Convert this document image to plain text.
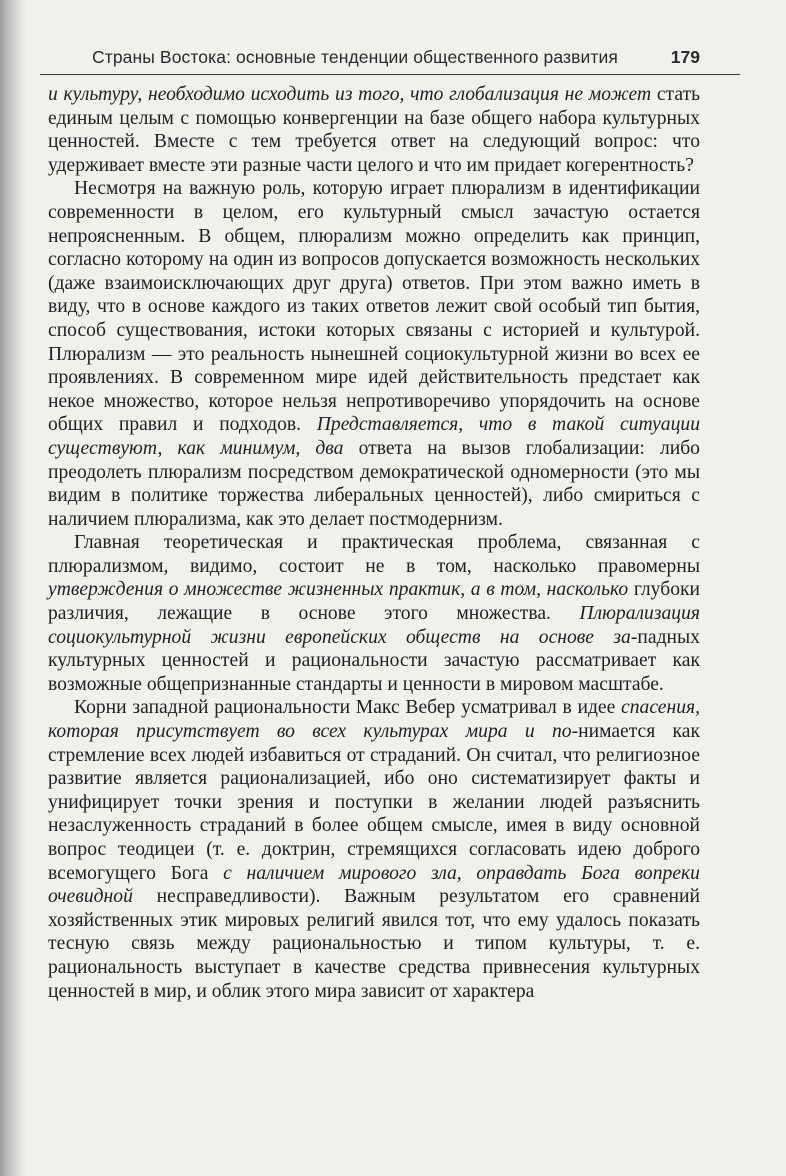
Страны Востока: основные тенденции общественного развития	179

и культуру, необходимо исходить из того, что глобализация не может стать единым целым с помощью конвергенции на базе общего набора культурных ценностей. Вместе с тем требуется ответ на следующий вопрос: что удерживает вместе эти разные части целого и что им придает когерентность?

Несмотря на важную роль, которую играет плюрализм в идентификации современности в целом, его культурный смысл зачастую остается непроясненным. В общем, плюрализм можно определить как принцип, согласно которому на один из вопросов допускается возможность нескольких (даже взаимоисключающих друг друга) ответов. При этом важно иметь в виду, что в основе каждого из таких ответов лежит свой особый тип бытия, способ существования, истоки которых связаны с историей и культурой. Плюрализм — это реальность нынешней социокультурной жизни во всех ее проявлениях. В современном мире идей действительность предстает как некое множество, которое нельзя непротиворечиво упорядочить на основе общих правил и подходов. Представляется, что в такой ситуации существуют, как минимум, два ответа на вызов глобализации: либо преодолеть плюрализм посредством демократической одномерности (это мы видим в политике торжества либеральных ценностей), либо смириться с наличием плюрализма, как это делает постмодернизм.

Главная теоретическая и практическая проблема, связанная с плюрализмом, видимо, состоит не в том, насколько правомерны утверждения о множестве жизненных практик, а в том, насколько глубоки различия, лежащие в основе этого множества. Плюрализация социокультурной жизни европейских обществ на основе за-падных культурных ценностей и рациональности зачастую рассматривает как возможные общепризнанные стандарты и ценности в мировом масштабе.

Корни западной рациональности Макс Вебер усматривал в идее спасения, которая присутствует во всех культурах мира и по-нимается как стремление всех людей избавиться от страданий. Он считал, что религиозное развитие является рационализацией, ибо оно систематизирует факты и унифицирует точки зрения и поступки в желании людей разъяснить незаслуженность страданий в более общем смысле, имея в виду основной вопрос теодицеи (т. е. доктрин, стремящихся согласовать идею доброго всемогущего Бога с наличием мирового зла, оправдать Бога вопреки очевидной несправедливости). Важным результатом его сравнений хозяйственных этик мировых религий явился тот, что ему удалось показать тесную связь между рациональностью и типом культуры, т. е. рациональность выступает в качестве средства привнесения культурных ценностей в мир, и облик этого мира зависит от характера
